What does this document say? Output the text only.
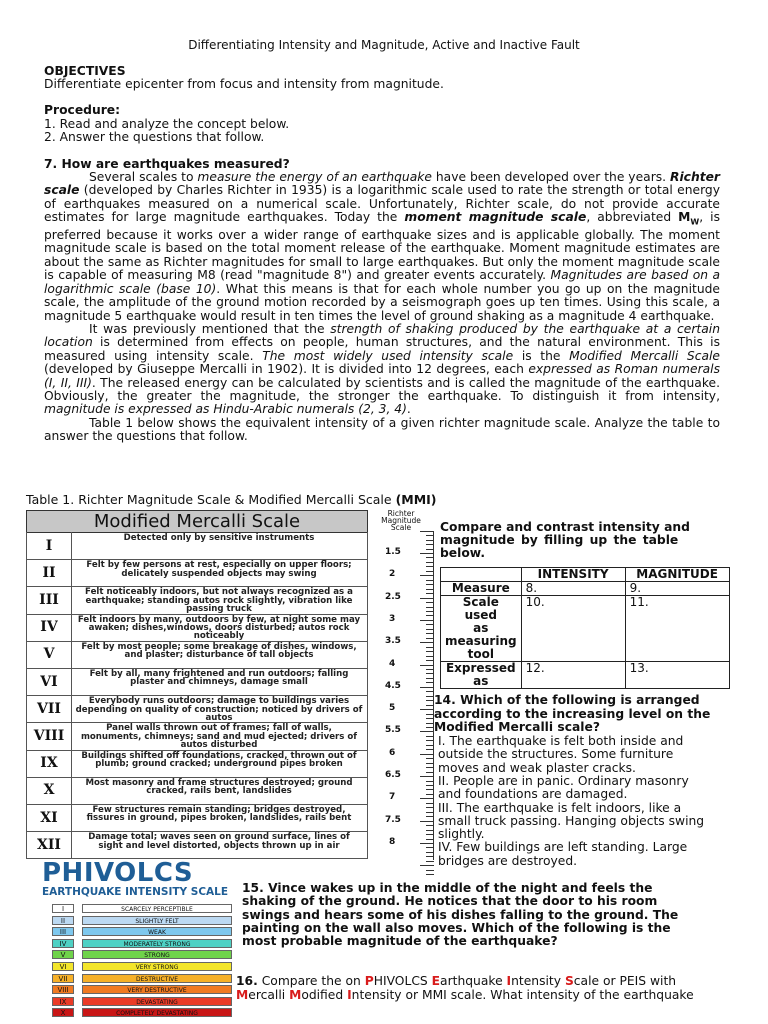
Differentiating Intensity and Magnitude, Active and Inactive Fault
OBJECTIVES
Differentiate epicenter from focus and intensity from magnitude.
Procedure:
1. Read and analyze the concept below.
2. Answer the questions that follow.
7. How are earthquakes measured?

Several scales to measure the energy of an earthquake have been developed over the years. Richter scale (developed by Charles Richter in 1935) is a logarithmic scale used to rate the strength or total energy of earthquakes measured on a numerical scale. Unfortunately, Richter scale, do not provide accurate estimates for large magnitude earthquakes. Today the moment magnitude scale, abbreviated $M_W$, is preferred because it works over a wider range of earthquake sizes and is applicable globally. The moment magnitude scale is based on the total moment release of the earthquake. Moment magnitude estimates are about the same as Richter magnitudes for small to large earthquakes. But only the moment magnitude scale is capable of measuring M8 (read "magnitude 8") and greater events accurately. Magnitudes are based on a logarithmic scale (base 10). What this means is that for each whole number you go up on the magnitude scale, the amplitude of the ground motion recorded by a seismograph goes up ten times. Using this scale, a magnitude 5 earthquake would result in ten times the level of ground shaking as a magnitude 4 earthquake.

It was previously mentioned that the strength of shaking produced by the earthquake at a certain location is determined from effects on people, human structures, and the natural environment. This is measured using intensity scale. The most widely used intensity scale is the Modified Mercalli Scale (developed by Giuseppe Mercalli in 1902). It is divided into 12 degrees, each expressed as Roman numerals (I, II, III). The released energy can be calculated by scientists and is called the magnitude of the earthquake. Obviously, the greater the magnitude, the stronger the earthquake. To distinguish it from intensity, magnitude is expressed as Hindu-Arabic numerals (2, 3, 4).

Table 1 below shows the equivalent intensity of a given richter magnitude scale. Analyze the table to answer the questions that follow.

Table 1. Richter Magnitude Scale & Modified Mercalli Scale (MMI)
Modified Mercalli Scale	Richter
Magnitude
Scale
I	Detected only by sensitive instruments
II	Felt by few persons at rest, especially on upper floors; delicately suspended objects may swing
III	Felt noticeably indoors, but not always recognized as a earthquake; standing autos rock slightly, vibration like passing truck
IV	Felt indoors by many, outdoors by few, at night some may awaken; dishes,windows, doors disturbed; autos rock noticeably
V	Felt by most people; some breakage of dishes, windows, and plaster; disturbance of tall objects
VI	Felt by all, many frightened and run outdoors; falling plaster and chimneys, damage small
VII	Everybody runs outdoors; damage to buildings varies depending on quality of construction; noticed by drivers of autos
VIII	Panel walls thrown out of frames; fall of walls, monuments, chimneys; sand and mud ejected; drivers of autos disturbed
IX	Buildings shifted off foundations, cracked, thrown out of plumb; ground cracked; underground pipes broken
X	Most masonry and frame structures destroyed; ground cracked, rails bent, landslides
XI	Few structures remain standing; bridges destroyed, fissures in ground, pipes broken, landslides, rails bent
XII	Damage total; waves seen on ground surface, lines of sight and level distorted, objects thrown up in air
1.5
2
2.5
3
3.5
4
4.5
5
5.5
6
6.5
7
7.5
8
Compare and contrast intensity and
magnitude by filling up the table
below.
	INTENSITY	MAGNITUDE
Measure	8.	9.

Scale used
as
measuring
tool	10.	11.

Expressed
as	12.	13.
14. Which of the following is arranged
according to the increasing level on the
Modified Mercalli scale?
I. The earthquake is felt both inside and
outside the structures. Some furniture
moves and weak plaster cracks.
II. People are in panic. Ordinary masonry
and foundations are damaged.
III. The earthquake is felt indoors, like a
small truck passing. Hanging objects swing
slightly.
IV. Few buildings are left standing. Large
bridges are destroyed.
PHIVOLCS
EARTHQUAKE INTENSITY SCALE
I	SCARCELY PERCEPTIBLE
II	SLIGHTLY FELT
III	WEAK
IV	MODERATELY STRONG
V	STRONG
VI	VERY STRONG
VII	DESTRUCTIVE
VIII	VERY DESTRUCTIVE
IX	DEVASTATING
X	COMPLETELY DEVASTATING
15. Vince wakes up in the middle of the night and feels the
shaking of the ground. He notices that the door to his room
swings and hears some of his dishes falling to the ground. The
painting on the wall also moves. Which of the following is the
most probable magnitude of the earthquake?
16. Compare the on PHIVOLCS Earthquake Intensity Scale or PEIS with
Mercalli Modified Intensity or MMI scale. What intensity of the earthquake
